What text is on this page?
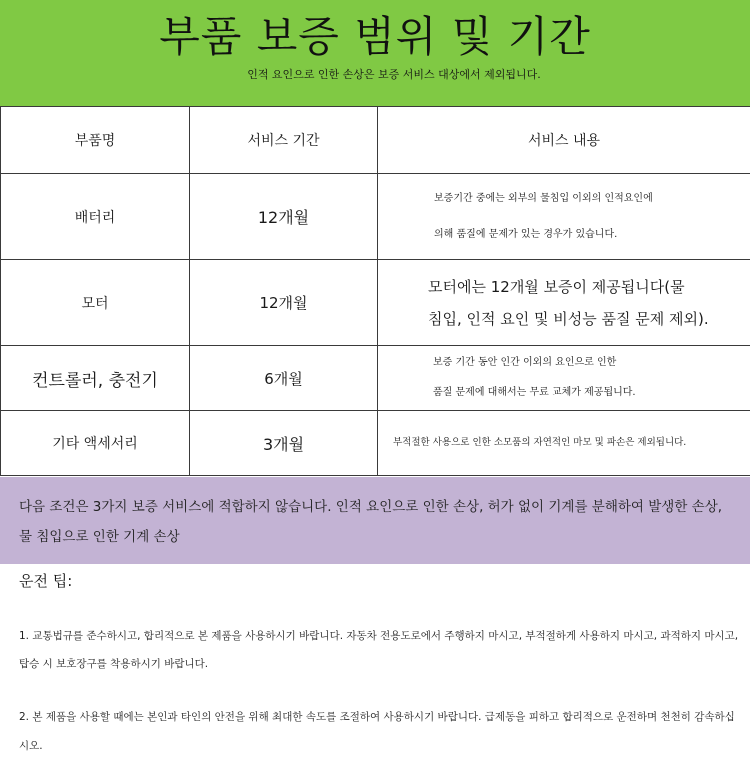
부품 보증 범위 및 기간
인적 요인으로 인한 손상은 보증 서비스 대상에서 제외됩니다.
부품명	서비스 기간	서비스 내용
배터리	12개월	보증기간 중에는 외부의 물침입 이외의 인적요인에
의해 품질에 문제가 있는 경우가 있습니다.

모터	12개월	모터에는 12개월 보증이 제공됩니다(물
침입, 인적 요인 및 비성능 품질 문제 제외).

컨트롤러, 충전기	6개월	보증 기간 동안 인간 이외의 요인으로 인한
품질 문제에 대해서는 무료 교체가 제공됩니다.

기타 액세서리	3개월	부적절한 사용으로 인한 소모품의 자연적인 마모 및 파손은 제외됩니다.
다음 조건은 3가지 보증 서비스에 적합하지 않습니다. 인적 요인으로 인한 손상, 허가 없이 기계를 분해하여 발생한 손상, 물 침입으로 인한 기계 손상
운전 팁:
1. 교통법규를 준수하시고, 합리적으로 본 제품을 사용하시기 바랍니다. 자동차 전용도로에서 주행하지 마시고, 부적절하게 사용하지 마시고, 과적하지 마시고, 탑승 시 보호장구를 착용하시기 바랍니다.
2. 본 제품을 사용할 때에는 본인과 타인의 안전을 위해 최대한 속도를 조절하여 사용하시기 바랍니다. 급제동을 피하고 합리적으로 운전하며 천천히 감속하십시오.
